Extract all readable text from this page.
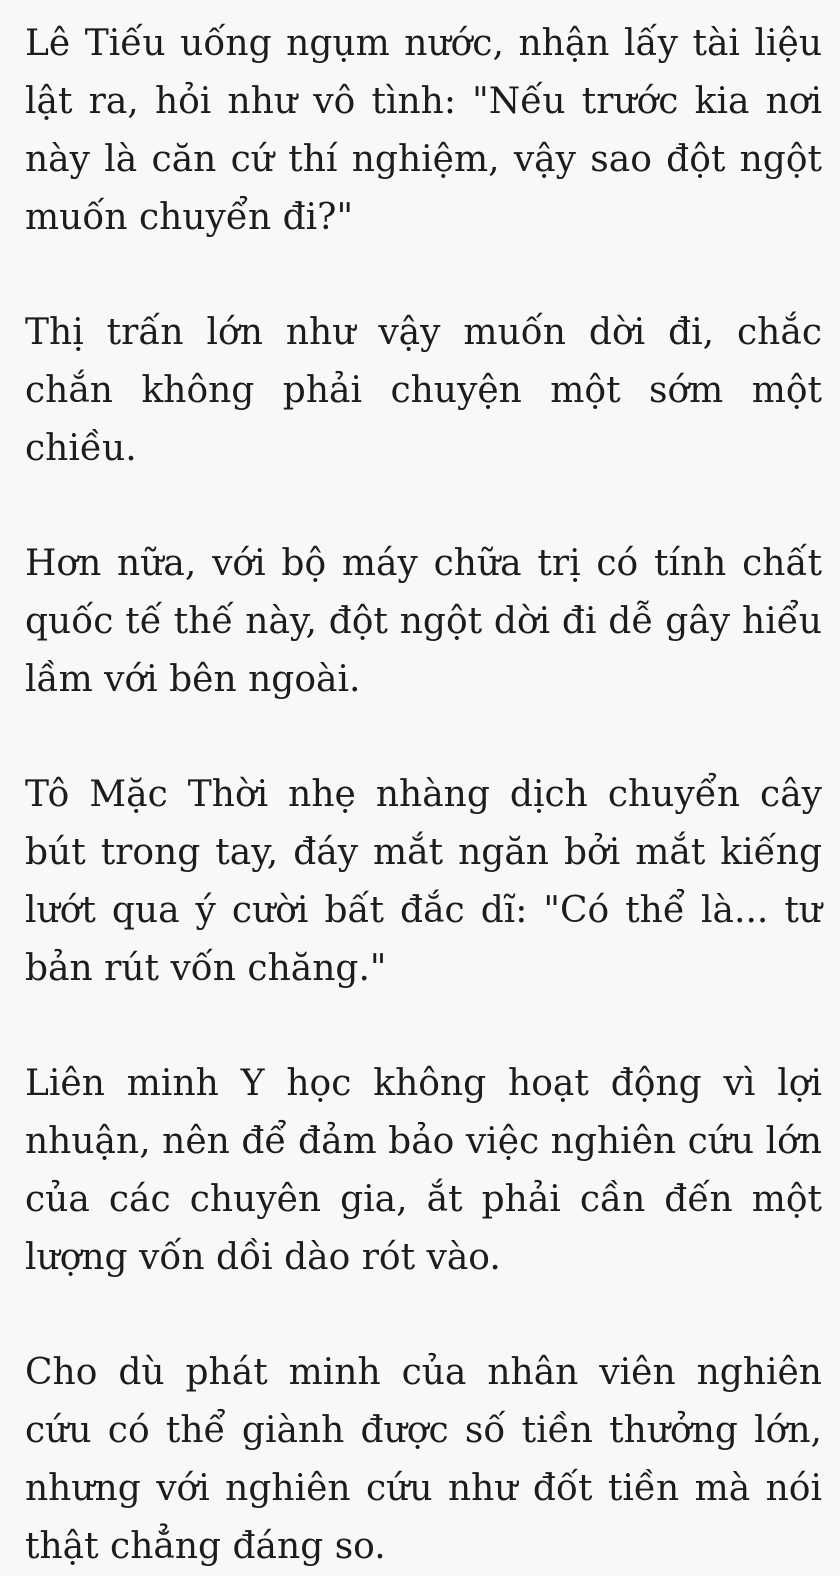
Lê Tiếu uống ngụm nước, nhận lấy tài liệu lật ra, hỏi như vô tình: "Nếu trước kia nơi này là căn cứ thí nghiệm, vậy sao đột ngột muốn chuyển đi?"

Thị trấn lớn như vậy muốn dời đi, chắc chắn không phải chuyện một sớm một chiều.

Hơn nữa, với bộ máy chữa trị có tính chất quốc tế thế này, đột ngột dời đi dễ gây hiểu lầm với bên ngoài.

Tô Mặc Thời nhẹ nhàng dịch chuyển cây bút trong tay, đáy mắt ngăn bởi mắt kiếng lướt qua ý cười bất đắc dĩ: "Có thể là... tư bản rút vốn chăng."

Liên minh Y học không hoạt động vì lợi nhuận, nên để đảm bảo việc nghiên cứu lớn của các chuyên gia, ắt phải cần đến một lượng vốn dồi dào rót vào.

Cho dù phát minh của nhân viên nghiên cứu có thể giành được số tiền thưởng lớn, nhưng với nghiên cứu như đốt tiền mà nói thật chẳng đáng so.
